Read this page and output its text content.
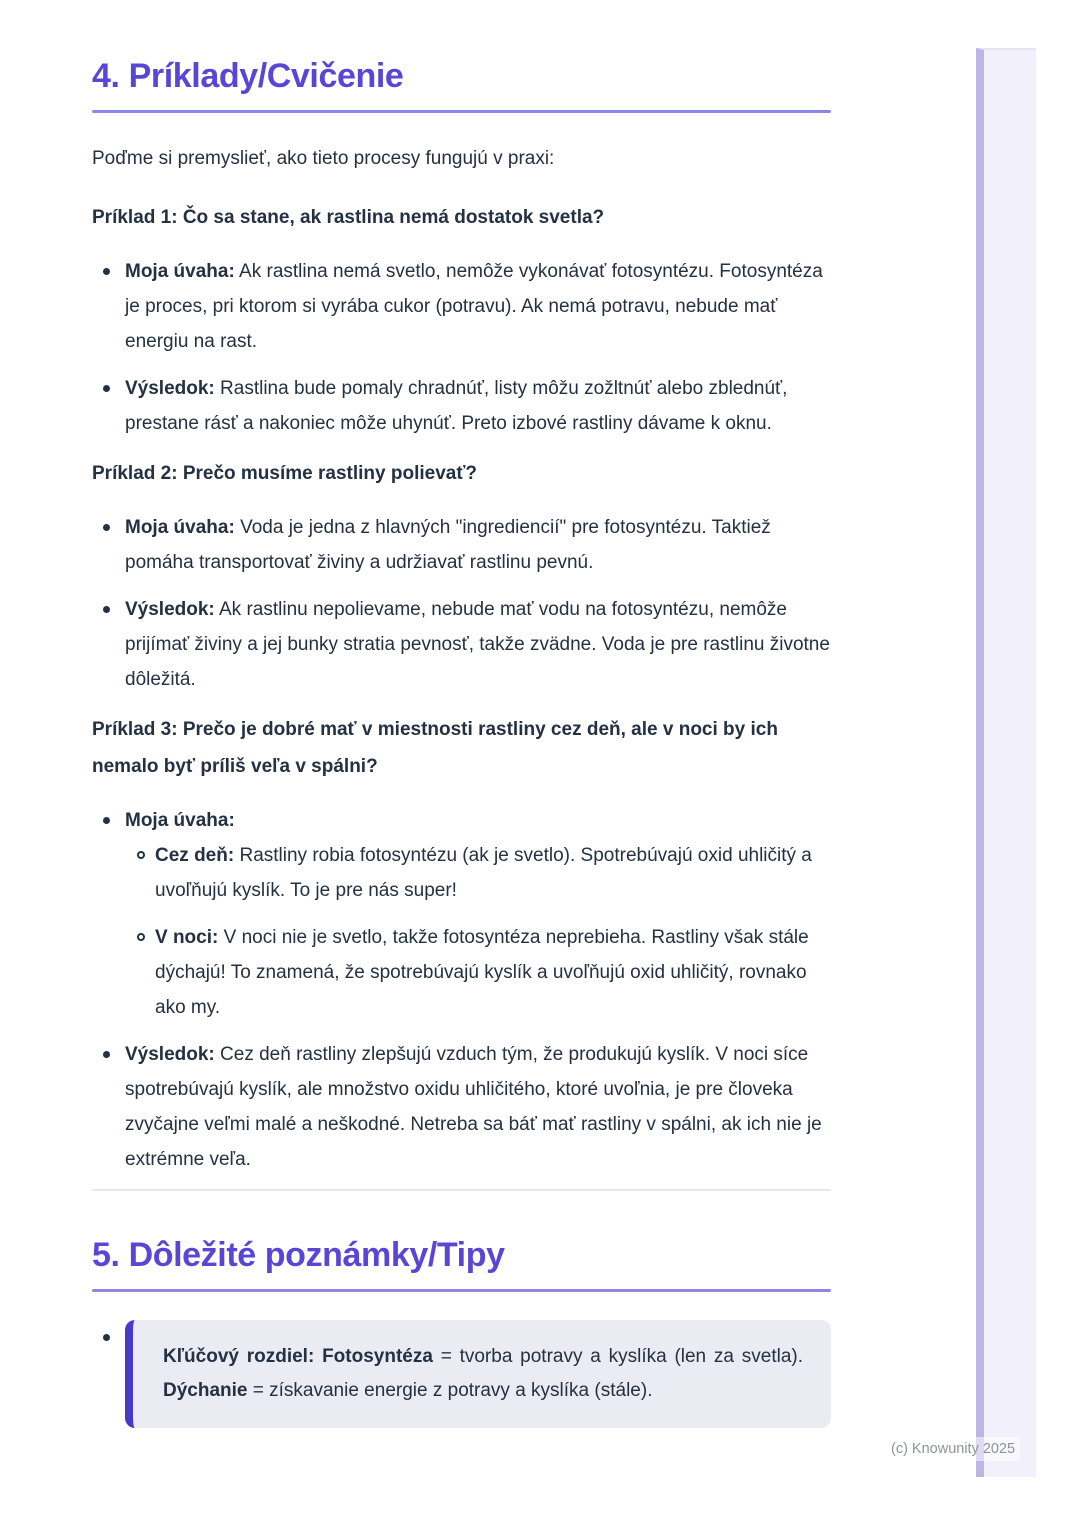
4. Príklady/Cvičenie

Poďme si premyslieť, ako tieto procesy fungujú v praxi:

Príklad 1: Čo sa stane, ak rastlina nemá dostatok svetla?
Moja úvaha: Ak rastlina nemá svetlo, nemôže vykonávať fotosyntézu. Fotosyntéza je proces, pri ktorom si vyrába cukor (potravu). Ak nemá potravu, nebude mať energiu na rast.
Výsledok: Rastlina bude pomaly chradnúť, listy môžu zožltnúť alebo zblednúť, prestane rásť a nakoniec môže uhynúť. Preto izbové rastliny dávame k oknu.
Príklad 2: Prečo musíme rastliny polievať?
Moja úvaha: Voda je jedna z hlavných "ingrediencií" pre fotosyntézu. Taktiež pomáha transportovať živiny a udržiavať rastlinu pevnú.
Výsledok: Ak rastlinu nepolievame, nebude mať vodu na fotosyntézu, nemôže prijímať živiny a jej bunky stratia pevnosť, takže zvädne. Voda je pre rastlinu životne dôležitá.
Príklad 3: Prečo je dobré mať v miestnosti rastliny cez deň, ale v noci by ich nemalo byť príliš veľa v spálni?
Moja úvaha:
Cez deň: Rastliny robia fotosyntézu (ak je svetlo). Spotrebúvajú oxid uhličitý a uvoľňujú kyslík. To je pre nás super!
V noci: V noci nie je svetlo, takže fotosyntéza neprebieha. Rastliny však stále dýchajú! To znamená, že spotrebúvajú kyslík a uvoľňujú oxid uhličitý, rovnako ako my.
Výsledok: Cez deň rastliny zlepšujú vzduch tým, že produkujú kyslík. V noci síce spotrebúvajú kyslík, ale množstvo oxidu uhličitého, ktoré uvoľnia, je pre človeka zvyčajne veľmi malé a neškodné. Netreba sa báť mať rastliny v spálni, ak ich nie je extrémne veľa.
5. Dôležité poznámky/Tipy
Kľúčový rozdiel: Fotosyntéza = tvorba potravy a kyslíka (len za svetla). Dýchanie = získavanie energie z potravy a kyslíka (stále).
(c) Knowunity 2025
